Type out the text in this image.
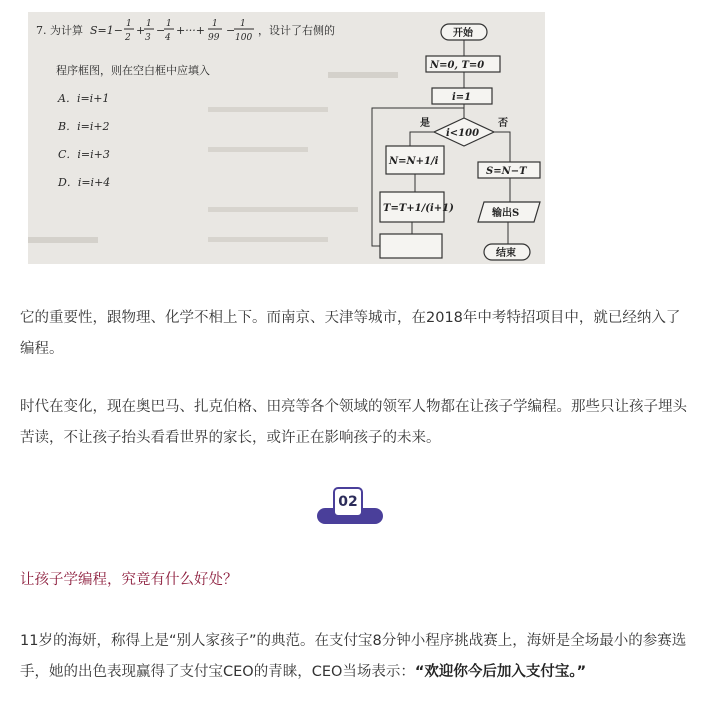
7. 为计算 S=1− 1
2
+ 1
3
− 1
4
+···+ 1
99
− 1
100
，设计了右侧的
程序框图，则在空白框中应填入
A．i=i+1
B．i=i+2
C．i=i+3
D．i=i+4
开始
N=0, T=0
i=1
i<100
是	否
N=N+1/i
T=T+1/(i+1)
S=N−T
输出S
结束

它的重要性，跟物理、化学不相上下。而南京、天津等城市，在2018年中考特招项目中，就已经纳入了编程。

时代在变化，现在奥巴马、扎克伯格、田亮等各个领域的领军人物都在让孩子学编程。那些只让孩子埋头苦读，不让孩子抬头看看世界的家长，或许正在影响孩子的未来。

02

让孩子学编程，究竟有什么好处？

11岁的海妍，称得上是“别人家孩子”的典范。在支付宝8分钟小程序挑战赛上，海妍是全场最小的参赛选手，她的出色表现赢得了支付宝CEO的青睐，CEO当场表示：“欢迎你今后加入支付宝。”
